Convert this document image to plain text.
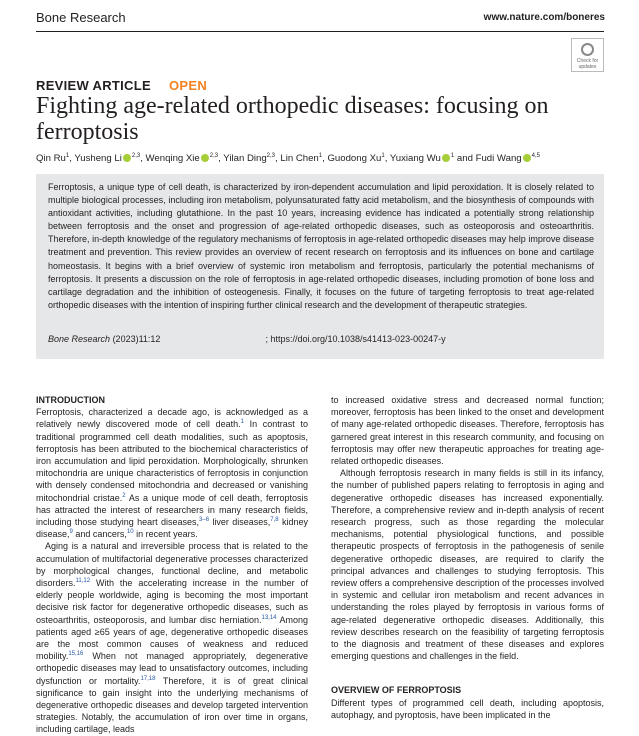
Bone Research	www.nature.com/boneres
Check for updates
REVIEW ARTICLE OPEN
Fighting age-related orthopedic diseases: focusing on ferroptosis
Qin Ru$^1$, Yusheng Li $^{2,3}$, Wenqing Xie $^{2,3}$, Yilan Ding$^{2,3}$, Lin Chen$^1$, Guodong Xu$^1$, Yuxiang Wu $^1$ and Fudi Wang $^{4,5}$
Ferroptosis, a unique type of cell death, is characterized by iron-dependent accumulation and lipid peroxidation. It is closely related to multiple biological processes, including iron metabolism, polyunsaturated fatty acid metabolism, and the biosynthesis of compounds with antioxidant activities, including glutathione. In the past 10 years, increasing evidence has indicated a potentially strong relationship between ferroptosis and the onset and progression of age-related orthopedic diseases, such as osteoporosis and osteoarthritis. Therefore, in-depth knowledge of the regulatory mechanisms of ferroptosis in age-related orthopedic diseases may help improve disease treatment and prevention. This review provides an overview of recent research on ferroptosis and its influences on bone and cartilage homeostasis. It begins with a brief overview of systemic iron metabolism and ferroptosis, particularly the potential mechanisms of ferroptosis. It presents a discussion on the role of ferroptosis in age-related orthopedic diseases, including promotion of bone loss and cartilage degradation and the inhibition of osteogenesis. Finally, it focuses on the future of targeting ferroptosis to treat age-related orthopedic diseases with the intention of inspiring further clinical research and the development of therapeutic strategies.
Bone Research (2023)11:12	; https://doi.org/10.1038/s41413-023-00247-y

INTRODUCTION

Ferroptosis, characterized a decade ago, is acknowledged as a relatively newly discovered mode of cell death.$^1$ In contrast to traditional programmed cell death modalities, such as apoptosis, ferroptosis has been attributed to the biochemical characteristics of iron accumulation and lipid peroxidation. Morphologically, shrunken mitochondria are unique characteristics of ferroptosis in conjunction with densely condensed mitochondria and decreased or vanishing mitochondrial cristae.$^2$ As a unique mode of cell death, ferroptosis has attracted the interest of researchers in many research fields, including those studying heart diseases,$^{3-6}$ liver diseases,$^{7,8}$ kidney disease,$^9$ and cancers,$^{10}$ in recent years.

Aging is a natural and irreversible process that is related to the accumulation of multifactorial degenerative processes characterized by morphological changes, functional decline, and metabolic disorders.$^{11,12}$ With the accelerating increase in the number of elderly people worldwide, aging is becoming the most important decisive risk factor for degenerative orthopedic diseases, such as osteoarthritis, osteoporosis, and lumbar disc herniation.$^{13,14}$ Among patients aged ≥65 years of age, degenerative orthopedic diseases are the most common causes of weakness and reduced mobility.$^{15,16}$ When not managed appropriately, degenerative orthopedic diseases may lead to unsatisfactory outcomes, including dysfunction or mortality.$^{17,18}$ Therefore, it is of great clinical significance to gain insight into the underlying mechanisms of degenerative orthopedic diseases and develop targeted intervention strategies. Notably, the accumulation of iron over time in organs, including cartilage, leads

to increased oxidative stress and decreased normal function; moreover, ferroptosis has been linked to the onset and development of many age-related orthopedic diseases. Therefore, ferroptosis has garnered great interest in this research community, and focusing on ferroptosis may offer new therapeutic approaches for treating age-related orthopedic diseases.

Although ferroptosis research in many fields is still in its infancy, the number of published papers relating to ferroptosis in aging and degenerative orthopedic diseases has increased exponentially. Therefore, a comprehensive review and in-depth analysis of recent research progress, such as those regarding the molecular mechanisms, potential physiological functions, and possible therapeutic prospects of ferroptosis in the pathogenesis of senile degenerative orthopedic diseases, are required to clarify the principal advances and challenges to studying ferroptosis. This review offers a comprehensive description of the processes involved in systemic and cellular iron metabolism and recent advances in understanding the roles played by ferroptosis in various forms of age-related degenerative orthopedic diseases. Additionally, this review describes research on the feasibility of targeting ferroptosis to the diagnosis and treatment of these diseases and explores emerging questions and challenges in the field.

OVERVIEW OF FERROPTOSIS

Different types of programmed cell death, including apoptosis, autophagy, and pyroptosis, have been implicated in the
